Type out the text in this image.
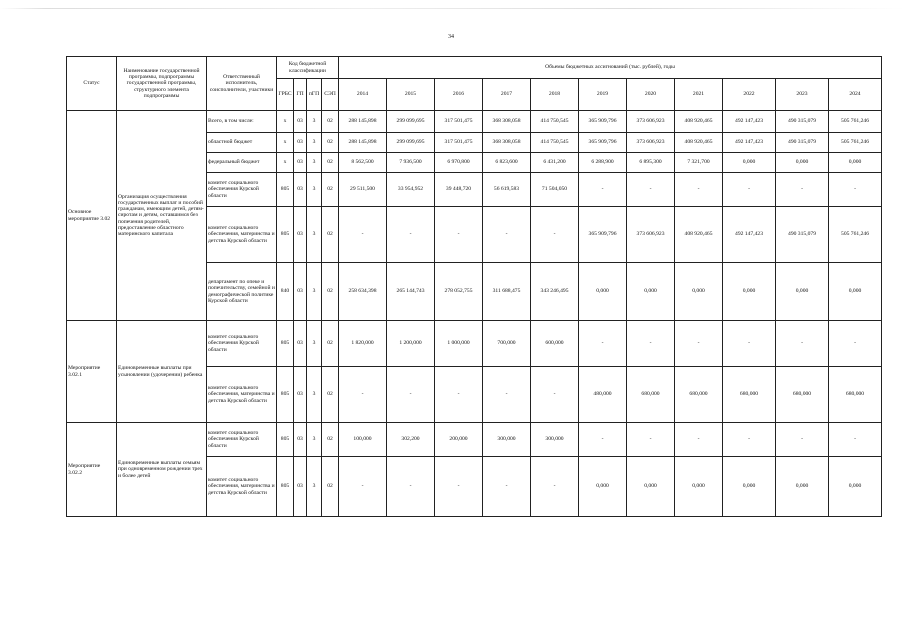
34
Статус	Наименование государственной программы, подпрограммы государственной программы, структурного элемента подпрограммы	Ответственный исполнитель, соисполнители, участники	Код бюджетной классификации				Объемы бюджетных ассигнований (тыс. рублей), годы										
			ГРБС	ГП	пГП	СЭП	2014	2015	2016	2017	2018	2019	2020	2021	2022	2023	2024
Основное мероприятие 3.02	Организация осуществления государственных выплат и пособий гражданам, имеющим детей, детям-сиротам и детям, оставшимся без попечения родителей, предоставление областного материнского капитала	Всего, в том числе:	х	03	3	02	288 145,898	299 099,695	317 501,475	368 308,058	414 750,545	365 909,796	373 606,923	408 920,465	492 147,423	490 315,079	505 761,246
		областной бюджет	х	03	3	02	288 145,898	299 099,695	317 501,475	368 308,058	414 750,545	365 909,796	373 606,923	408 920,465	492 147,423	490 315,079	505 761,246
		федеральный бюджет	х	03	3	02	8 562,500	7 936,500	6 970,800	6 823,600	6 431,200	6 288,900	6 895,300	7 321,700	0,000	0,000	0,000
		комитет социального обеспечения Курской области	805	03	3	02	29 511,500	33 954,952	39 448,720	56 619,583	71 504,050	-	-	-	-	-	-
		комитет социального обеспечения, материнства и детства Курской области	805	03	3	02	-	-	-	-	-	365 909,796	373 606,923	408 920,465	492 147,423	490 315,079	505 761,246
		департамент по опеке и попечительству, семейной и демографической политике Курской области	840	03	3	02	258 634,398	265 144,743	278 052,755	311 688,475	343 246,495	0,000	0,000	0,000	0,000	0,000	0,000
Мероприятие 3.02.1	Единовременные выплаты при усыновлении (удочерении) ребенка	комитет социального обеспечения Курской области	805	03	3	02	1 820,000	1 200,000	1 000,000	700,000	600,000	-	-	-	-	-	-
		комитет социального обеспечения, материнства и детства Курской области	805	03	3	02	-	-	-	-	-	480,000	680,000	680,000	680,000	680,000	680,000
Мероприятие 3.02.2	Единовременные выплаты семьям при одновременном рождении трех и более детей	комитет социального обеспечения Курской области	805	03	3	02	100,000	302,200	200,000	300,000	300,000	-	-	-	-	-	-
		комитет социального обеспечения, материнства и детства Курской области	805	03	3	02	-	-	-	-	-	0,000	0,000	0,000	0,000	0,000	0,000
